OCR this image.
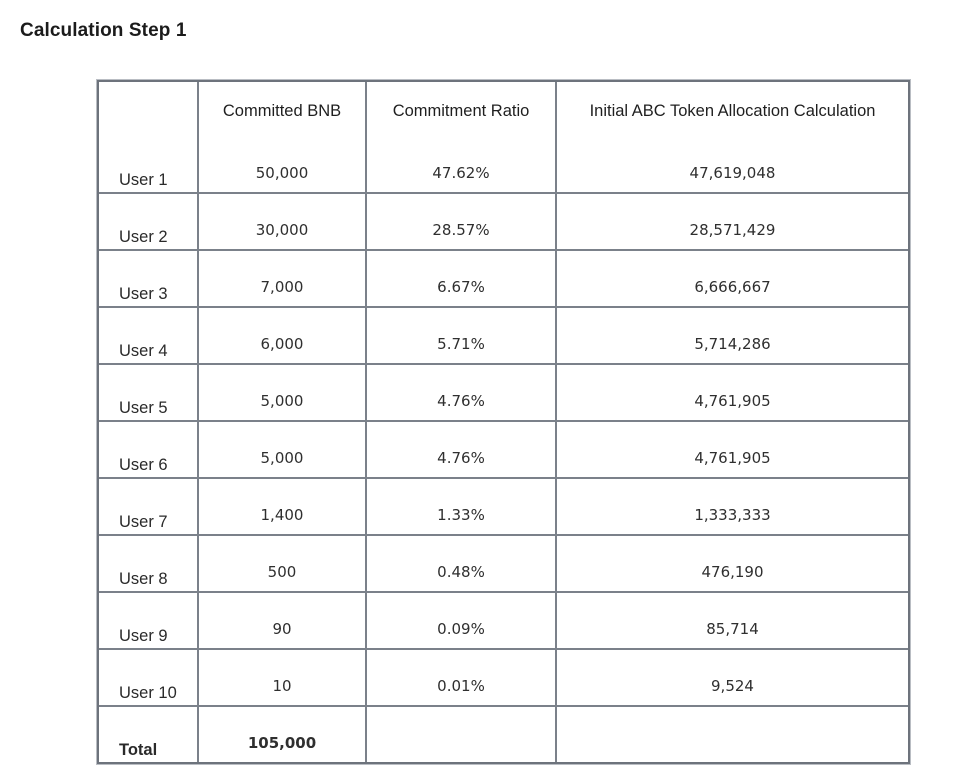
Calculation Step 1
	Committed BNB	Commitment Ratio	Initial ABC Token Allocation Calculation
User 1	50,000	47.62%	47,619,048
User 2	30,000	28.57%	28,571,429
User 3	7,000	6.67%	6,666,667
User 4	6,000	5.71%	5,714,286
User 5	5,000	4.76%	4,761,905
User 6	5,000	4.76%	4,761,905
User 7	1,400	1.33%	1,333,333
User 8	500	0.48%	476,190
User 9	90	0.09%	85,714
User 10	10	0.01%	9,524
Total	105,000		
